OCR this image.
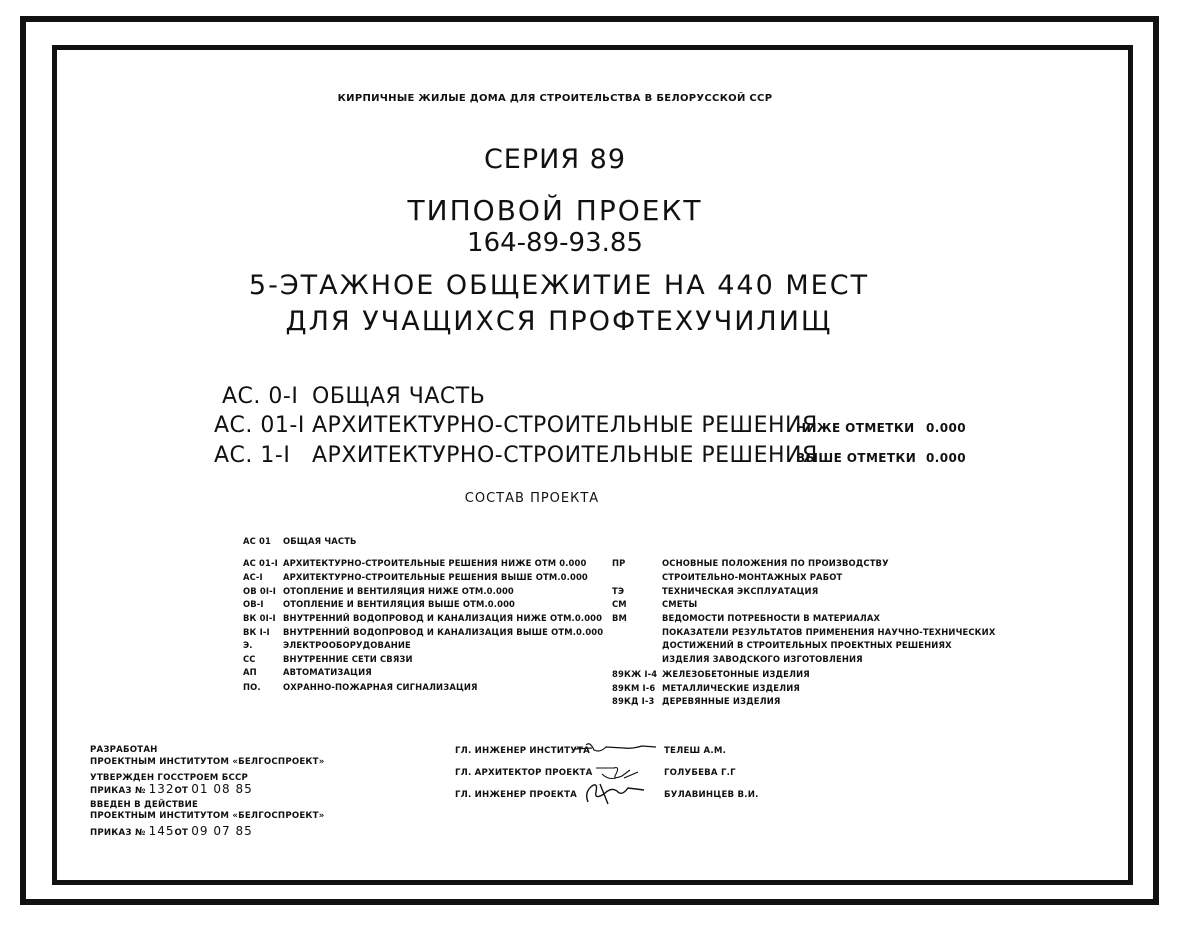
КИРПИЧНЫЕ ЖИЛЫЕ ДОМА ДЛЯ СТРОИТЕЛЬСТВА В БЕЛОРУССКОЙ ССР
СЕРИЯ 89
ТИПОВОЙ ПРОЕКТ
164-89-93.85
5-ЭТАЖНОЕ ОБЩЕЖИТИЕ НА 440 МЕСТ
ДЛЯ УЧАЩИХСЯ ПРОФТЕХУЧИЛИЩ
АС. 0-I ОБЩАЯ ЧАСТЬ
АС. 01-I АРХИТЕКТУРНО-СТРОИТЕЛЬНЫЕ РЕШЕНИЯ
НИЖЕ ОТМЕТКИ 0.000
АС. 1-I АРХИТЕКТУРНО-СТРОИТЕЛЬНЫЕ РЕШЕНИЯ
ВЫШЕ ОТМЕТКИ 0.000
СОСТАВ ПРОЕКТА
АС 01 ОБЩАЯ ЧАСТЬ
АС 01-I АРХИТЕКТУРНО-СТРОИТЕЛЬНЫЕ РЕШЕНИЯ НИЖЕ ОТМ 0.000
АС-I АРХИТЕКТУРНО-СТРОИТЕЛЬНЫЕ РЕШЕНИЯ ВЫШЕ ОТМ.0.000
ОВ 0I-I ОТОПЛЕНИЕ И ВЕНТИЛЯЦИЯ НИЖЕ ОТМ.0.000
ОВ-I ОТОПЛЕНИЕ И ВЕНТИЛЯЦИЯ ВЫШЕ ОТМ.0.000
ВК 0I-I ВНУТРЕННИЙ ВОДОПРОВОД И КАНАЛИЗАЦИЯ НИЖЕ ОТМ.0.000
ВК I-I ВНУТРЕННИЙ ВОДОПРОВОД И КАНАЛИЗАЦИЯ ВЫШЕ ОТМ.0.000
Э.	ЭЛЕКТРООБОРУДОВАНИЕ
СС	ВНУТРЕННИЕ СЕТИ СВЯЗИ
АП	АВТОМАТИЗАЦИЯ
ПО.	ОХРАННО-ПОЖАРНАЯ СИГНАЛИЗАЦИЯ
ПР	ОСНОВНЫЕ ПОЛОЖЕНИЯ ПО ПРОИЗВОДСТВУ
СТРОИТЕЛЬНО-МОНТАЖНЫХ РАБОТ
ТЭ	ТЕХНИЧЕСКАЯ ЭКСПЛУАТАЦИЯ
СМ	СМЕТЫ
ВМ	ВЕДОМОСТИ ПОТРЕБНОСТИ В МАТЕРИАЛАХ
ПОКАЗАТЕЛИ РЕЗУЛЬТАТОВ ПРИМЕНЕНИЯ НАУЧНО-ТЕХНИЧЕСКИХ
ДОСТИЖЕНИЙ В СТРОИТЕЛЬНЫХ ПРОЕКТНЫХ РЕШЕНИЯХ
ИЗДЕЛИЯ ЗАВОДСКОГО ИЗГОТОВЛЕНИЯ
89КЖ I-4 ЖЕЛЕЗОБЕТОННЫЕ ИЗДЕЛИЯ
89КМ I-6 МЕТАЛЛИЧЕСКИЕ ИЗДЕЛИЯ
89КД I-3 ДЕРЕВЯННЫЕ ИЗДЕЛИЯ
РАЗРАБОТАН
ПРОЕКТНЫМ ИНСТИТУТОМ «БЕЛГОСПРОЕКТ»
УТВЕРЖДЕН ГОССТРОЕМ БССР
ПРИКАЗ № 132ОТ 01 08 85
ВВЕДЕН В ДЕЙСТВИЕ
ПРОЕКТНЫМ ИНСТИТУТОМ «БЕЛГОСПРОЕКТ»
ПРИКАЗ № 145ОТ 09 07 85
ГЛ. ИНЖЕНЕР ИНСТИТУТА	ТЕЛЕШ А.М.
ГЛ. АРХИТЕКТОР ПРОЕКТА	ГОЛУБЕВА Г.Г
ГЛ. ИНЖЕНЕР ПРОЕКТА	БУЛАВИНЦЕВ В.И.
